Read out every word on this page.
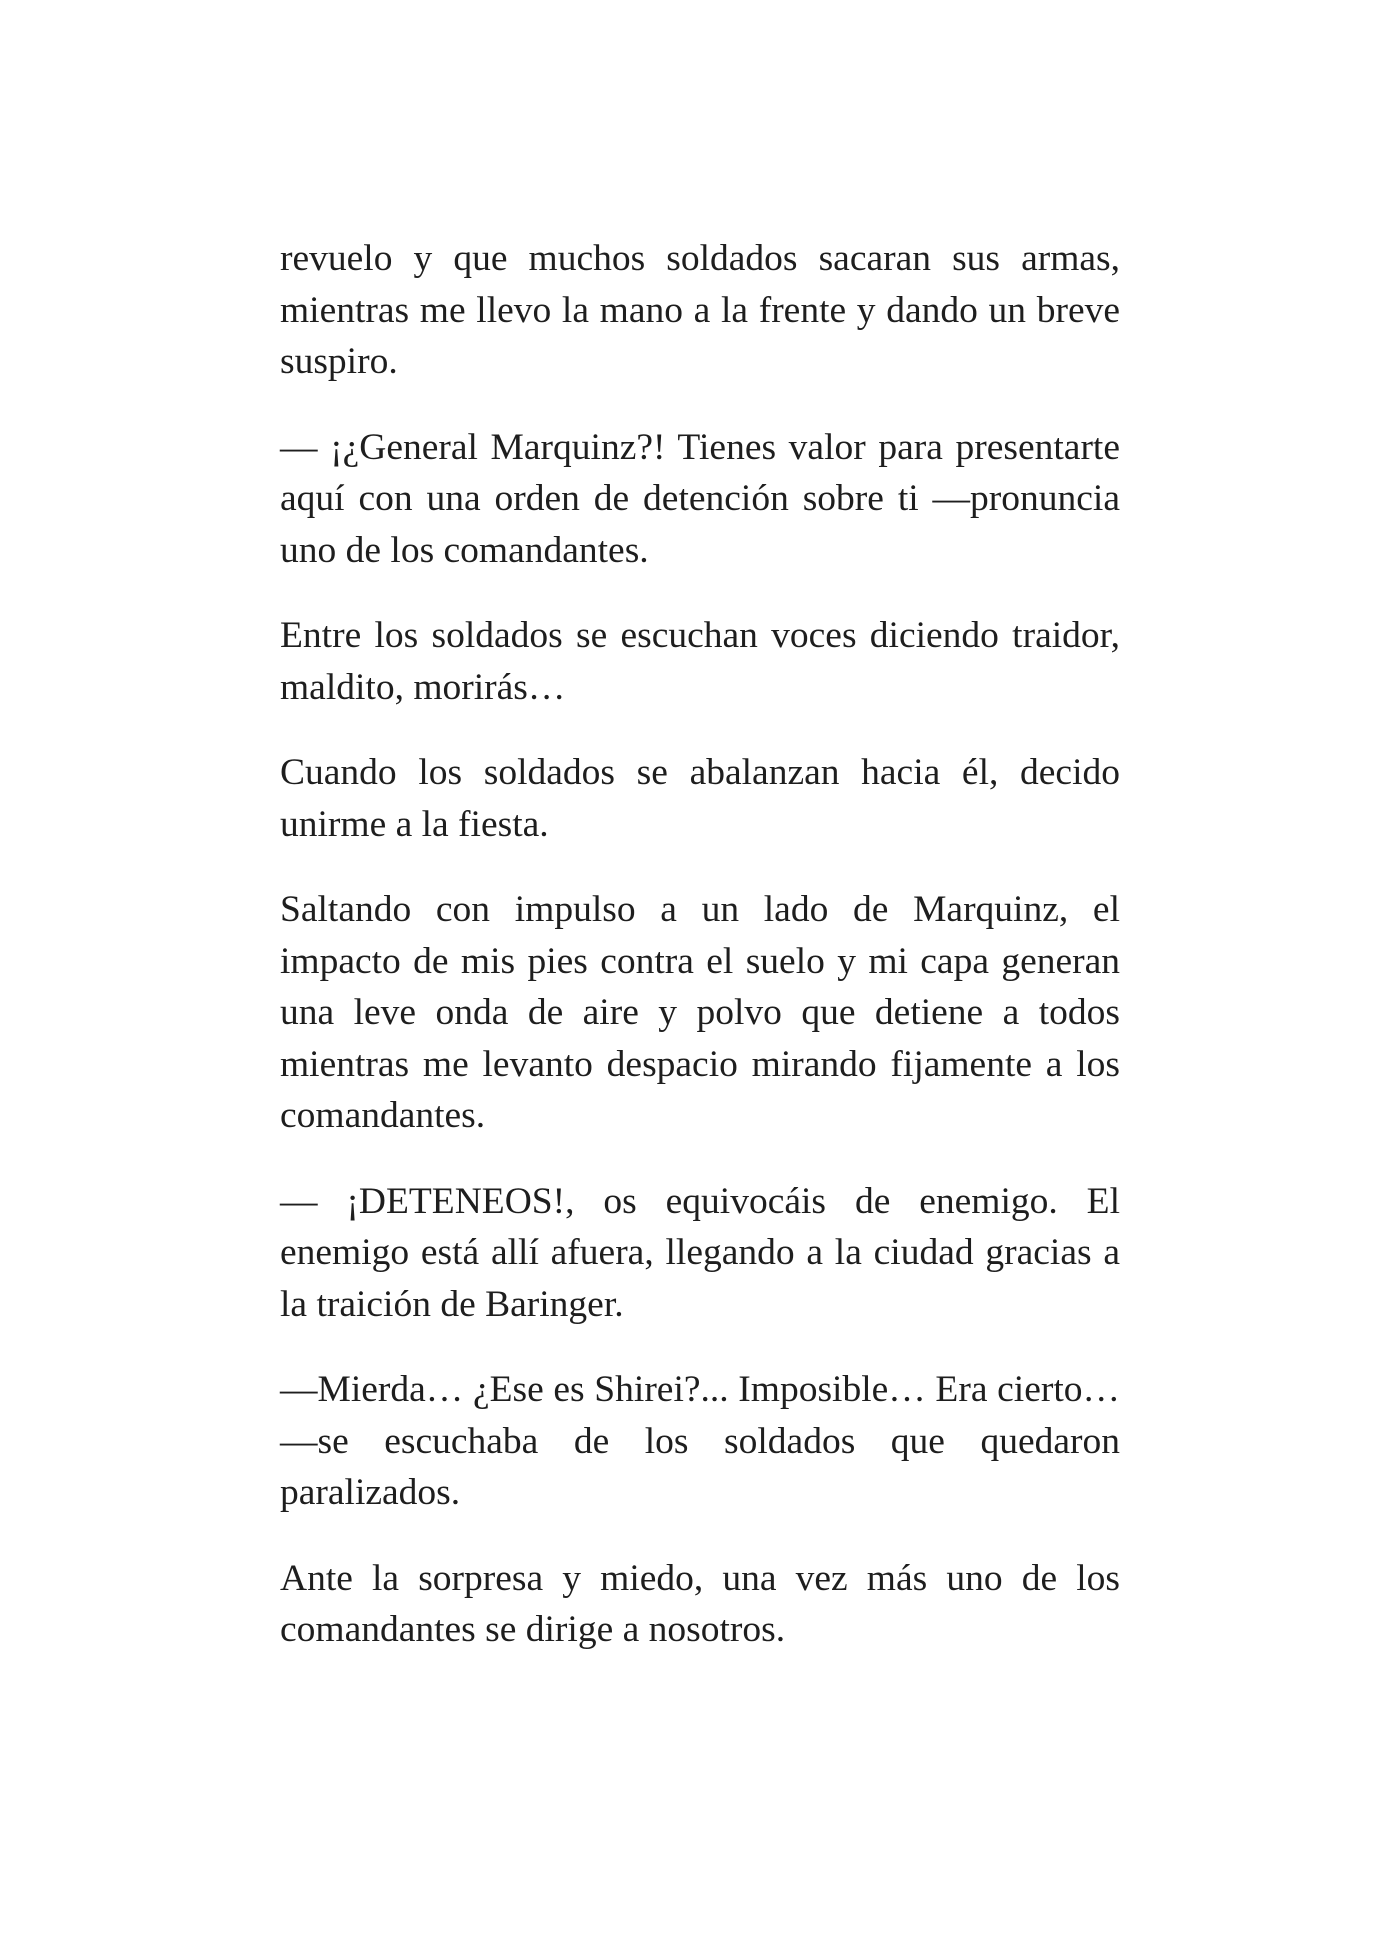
revuelo y que muchos soldados sacaran sus armas, mientras me llevo la mano a la frente y dando un breve suspiro.

— ¡¿General Marquinz?! Tienes valor para presentarte aquí con una orden de detención sobre ti —pronuncia uno de los comandantes.

Entre los soldados se escuchan voces diciendo traidor, maldito, morirás…

Cuando los soldados se abalanzan hacia él, decido unirme a la fiesta.

Saltando con impulso a un lado de Marquinz, el impacto de mis pies contra el suelo y mi capa generan una leve onda de aire y polvo que detiene a todos mientras me levanto despacio mirando fijamente a los comandantes.

— ¡DETENEOS!, os equivocáis de enemigo. El enemigo está allí afuera, llegando a la ciudad gracias a la traición de Baringer.

—Mierda… ¿Ese es Shirei?... Imposible… Era cierto…—se escuchaba de los soldados que quedaron paralizados.

Ante la sorpresa y miedo, una vez más uno de los comandantes se dirige a nosotros.
